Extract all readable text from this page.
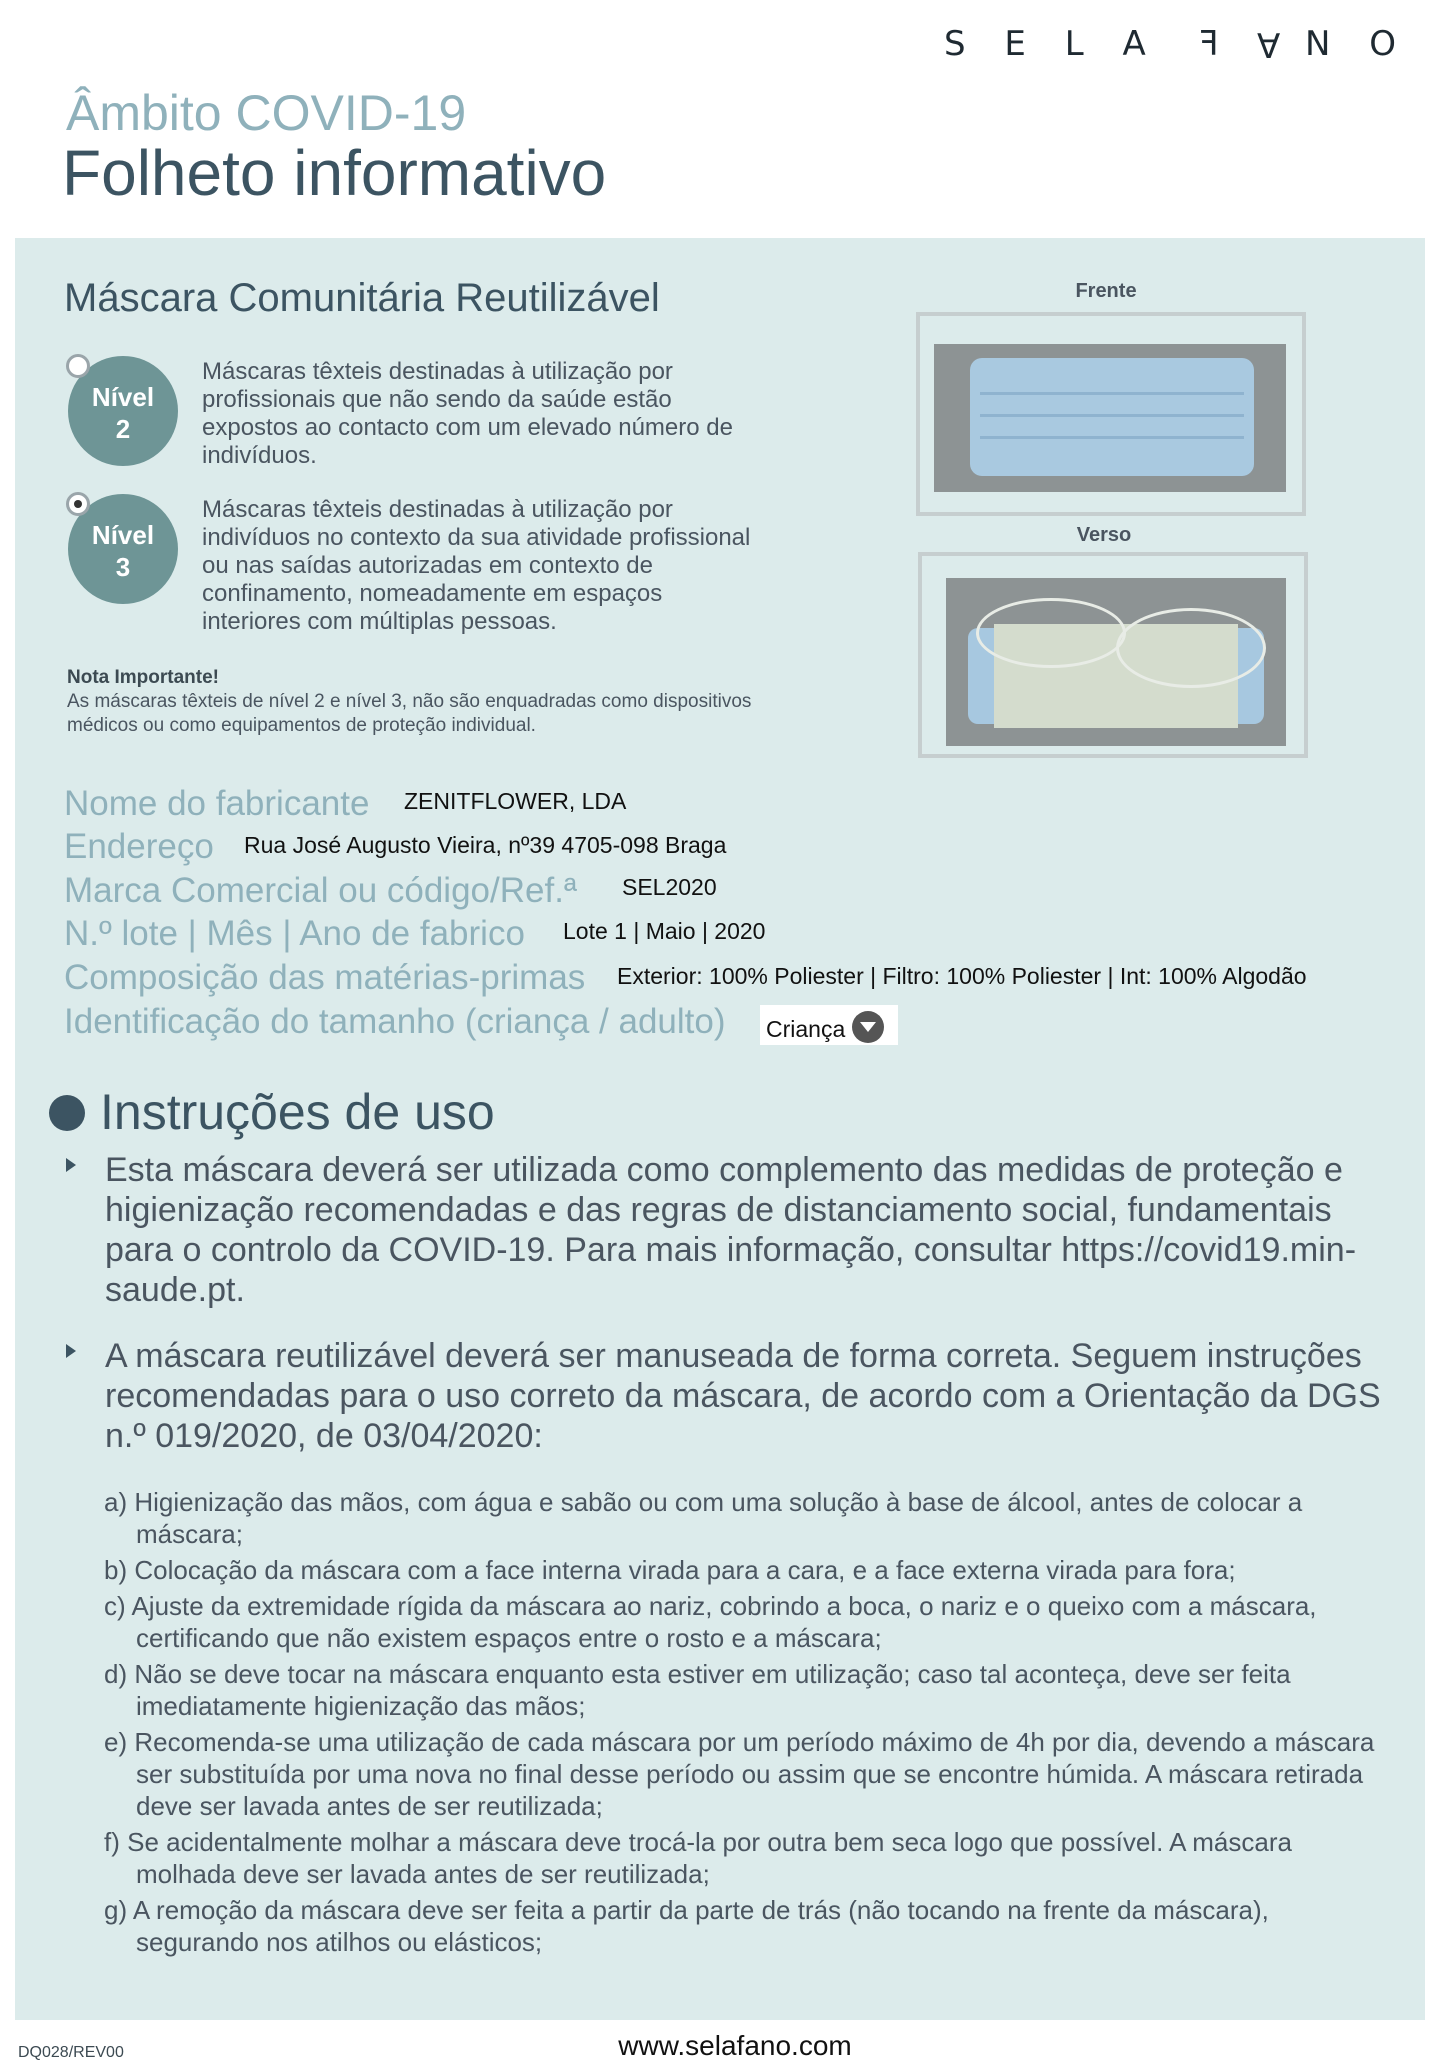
S E L A F A N O
Âmbito COVID-19
Folheto informativo
Máscara Comunitária Reutilizável
Nível
2
Máscaras têxteis destinadas à utilização por profissionais que não sendo da saúde estão expostos ao contacto com um elevado número de indivíduos.
Nível
3
Máscaras têxteis destinadas à utilização por indivíduos no contexto da sua atividade profissional ou nas saídas autorizadas em contexto de confinamento, nomeadamente em espaços interiores com múltiplas pessoas.
Nota Importante!
As máscaras têxteis de nível 2 e nível 3, não são enquadradas como dispositivos médicos ou como equipamentos de proteção individual.
Frente
Verso
Nome do fabricante ZENITFLOWER, LDA
Endereço Rua José Augusto Vieira, nº39 4705-098 Braga
Marca Comercial ou código/Ref.ª SEL2020
N.º lote | Mês | Ano de fabrico Lote 1 | Maio | 2020
Composição das matérias-primas Exterior: 100% Poliester | Filtro: 100% Poliester | Int: 100% Algodão
Identificação do tamanho (criança / adulto) Criança
Instruções de uso
Esta máscara deverá ser utilizada como complemento das medidas de proteção e higienização recomendadas e das regras de distanciamento social, fundamentais para o controlo da COVID-19. Para mais informação, consultar https://covid19.min-saude.pt.
A máscara reutilizável deverá ser manuseada de forma correta. Seguem instruções recomendadas para o uso correto da máscara, de acordo com a Orientação da DGS n.º 019/2020, de 03/04/2020:
a) Higienização das mãos, com água e sabão ou com uma solução à base de álcool, antes de colocar a máscara;
b) Colocação da máscara com a face interna virada para a cara, e a face externa virada para fora;
c) Ajuste da extremidade rígida da máscara ao nariz, cobrindo a boca, o nariz e o queixo com a máscara, certificando que não existem espaços entre o rosto e a máscara;
d) Não se deve tocar na máscara enquanto esta estiver em utilização; caso tal aconteça, deve ser feita imediatamente higienização das mãos;
e) Recomenda-se uma utilização de cada máscara por um período máximo de 4h por dia, devendo a máscara ser substituída por uma nova no final desse período ou assim que se encontre húmida. A máscara retirada deve ser lavada antes de ser reutilizada;
f) Se acidentalmente molhar a máscara deve trocá-la por outra bem seca logo que possível. A máscara molhada deve ser lavada antes de ser reutilizada;
g) A remoção da máscara deve ser feita a partir da parte de trás (não tocando na frente da máscara), segurando nos atilhos ou elásticos;
DQ028/REV00	www.selafano.com
